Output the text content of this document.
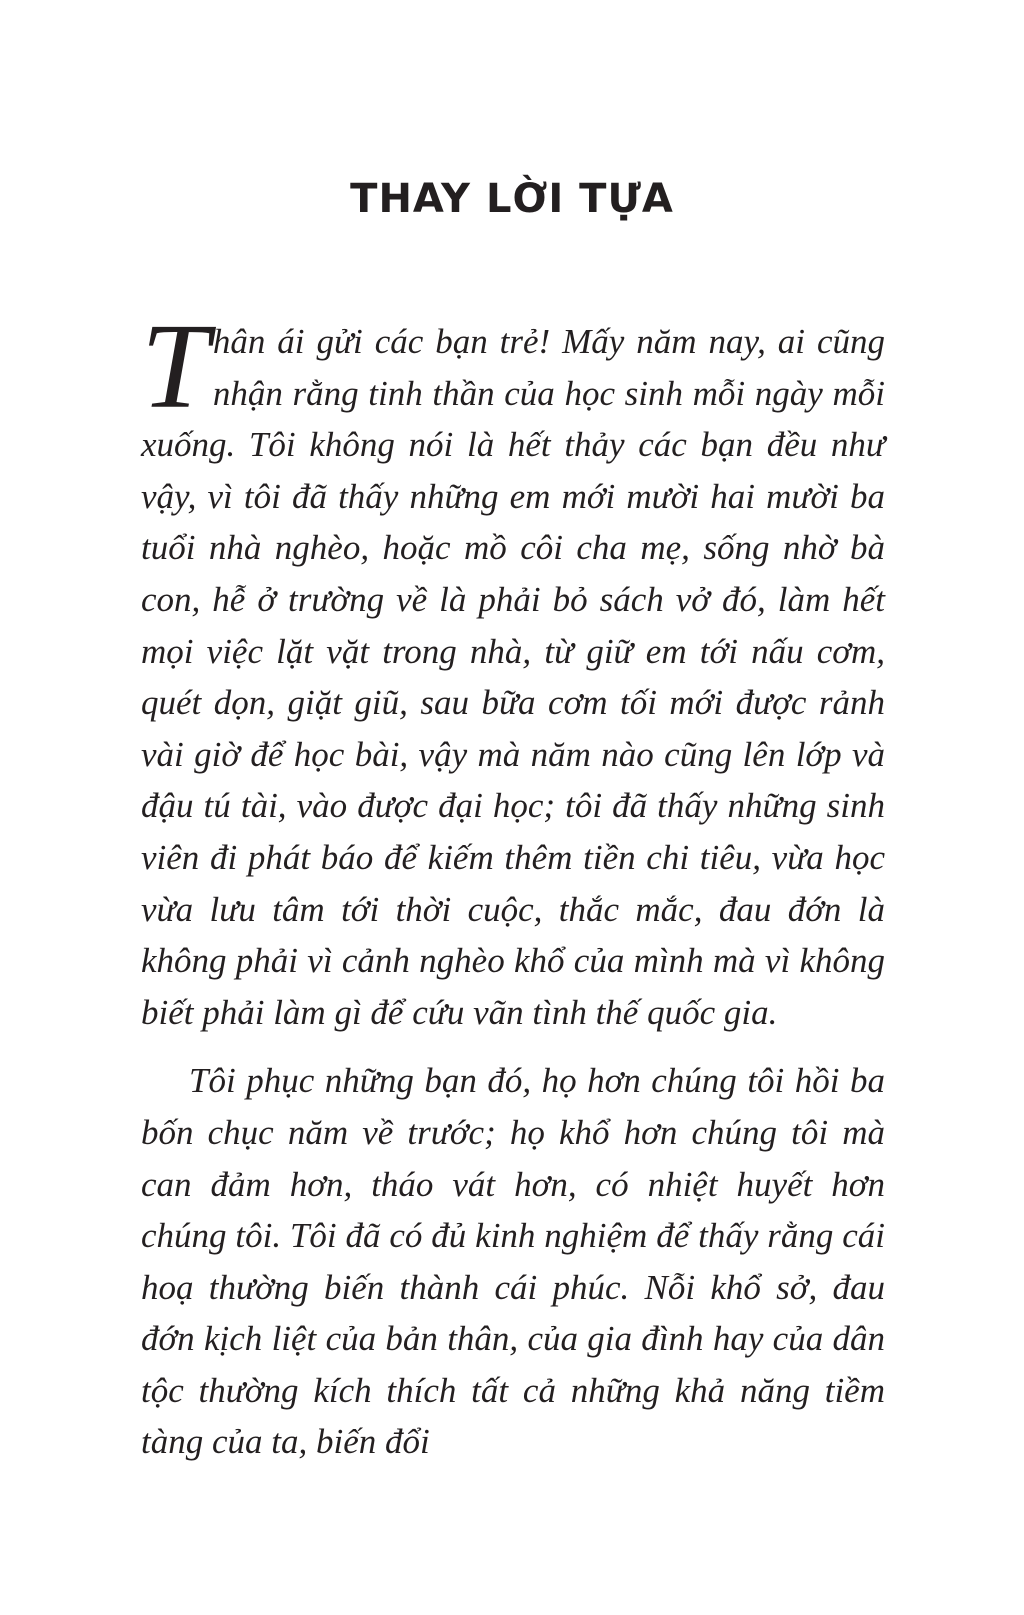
THAY LỜI TỰA

Thân ái gửi các bạn trẻ! Mấy năm nay, ai cũng nhận rằng tinh thần của học sinh mỗi ngày mỗi xuống. Tôi không nói là hết thảy các bạn đều như vậy, vì tôi đã thấy những em mới mười hai mười ba tuổi nhà nghèo, hoặc mồ côi cha mẹ, sống nhờ bà con, hễ ở trường về là phải bỏ sách vở đó, làm hết mọi việc lặt vặt trong nhà, từ giữ em tới nấu cơm, quét dọn, giặt giũ, sau bữa cơm tối mới được rảnh vài giờ để học bài, vậy mà năm nào cũng lên lớp và đậu tú tài, vào được đại học; tôi đã thấy những sinh viên đi phát báo để kiếm thêm tiền chi tiêu, vừa học vừa lưu tâm tới thời cuộc, thắc mắc, đau đớn là không phải vì cảnh nghèo khổ của mình mà vì không biết phải làm gì để cứu vãn tình thế quốc gia.

Tôi phục những bạn đó, họ hơn chúng tôi hồi ba bốn chục năm về trước; họ khổ hơn chúng tôi mà can đảm hơn, tháo vát hơn, có nhiệt huyết hơn chúng tôi. Tôi đã có đủ kinh nghiệm để thấy rằng cái hoạ thường biến thành cái phúc. Nỗi khổ sở, đau đớn kịch liệt của bản thân, của gia đình hay của dân tộc thường kích thích tất cả những khả năng tiềm tàng của ta, biến đổi
